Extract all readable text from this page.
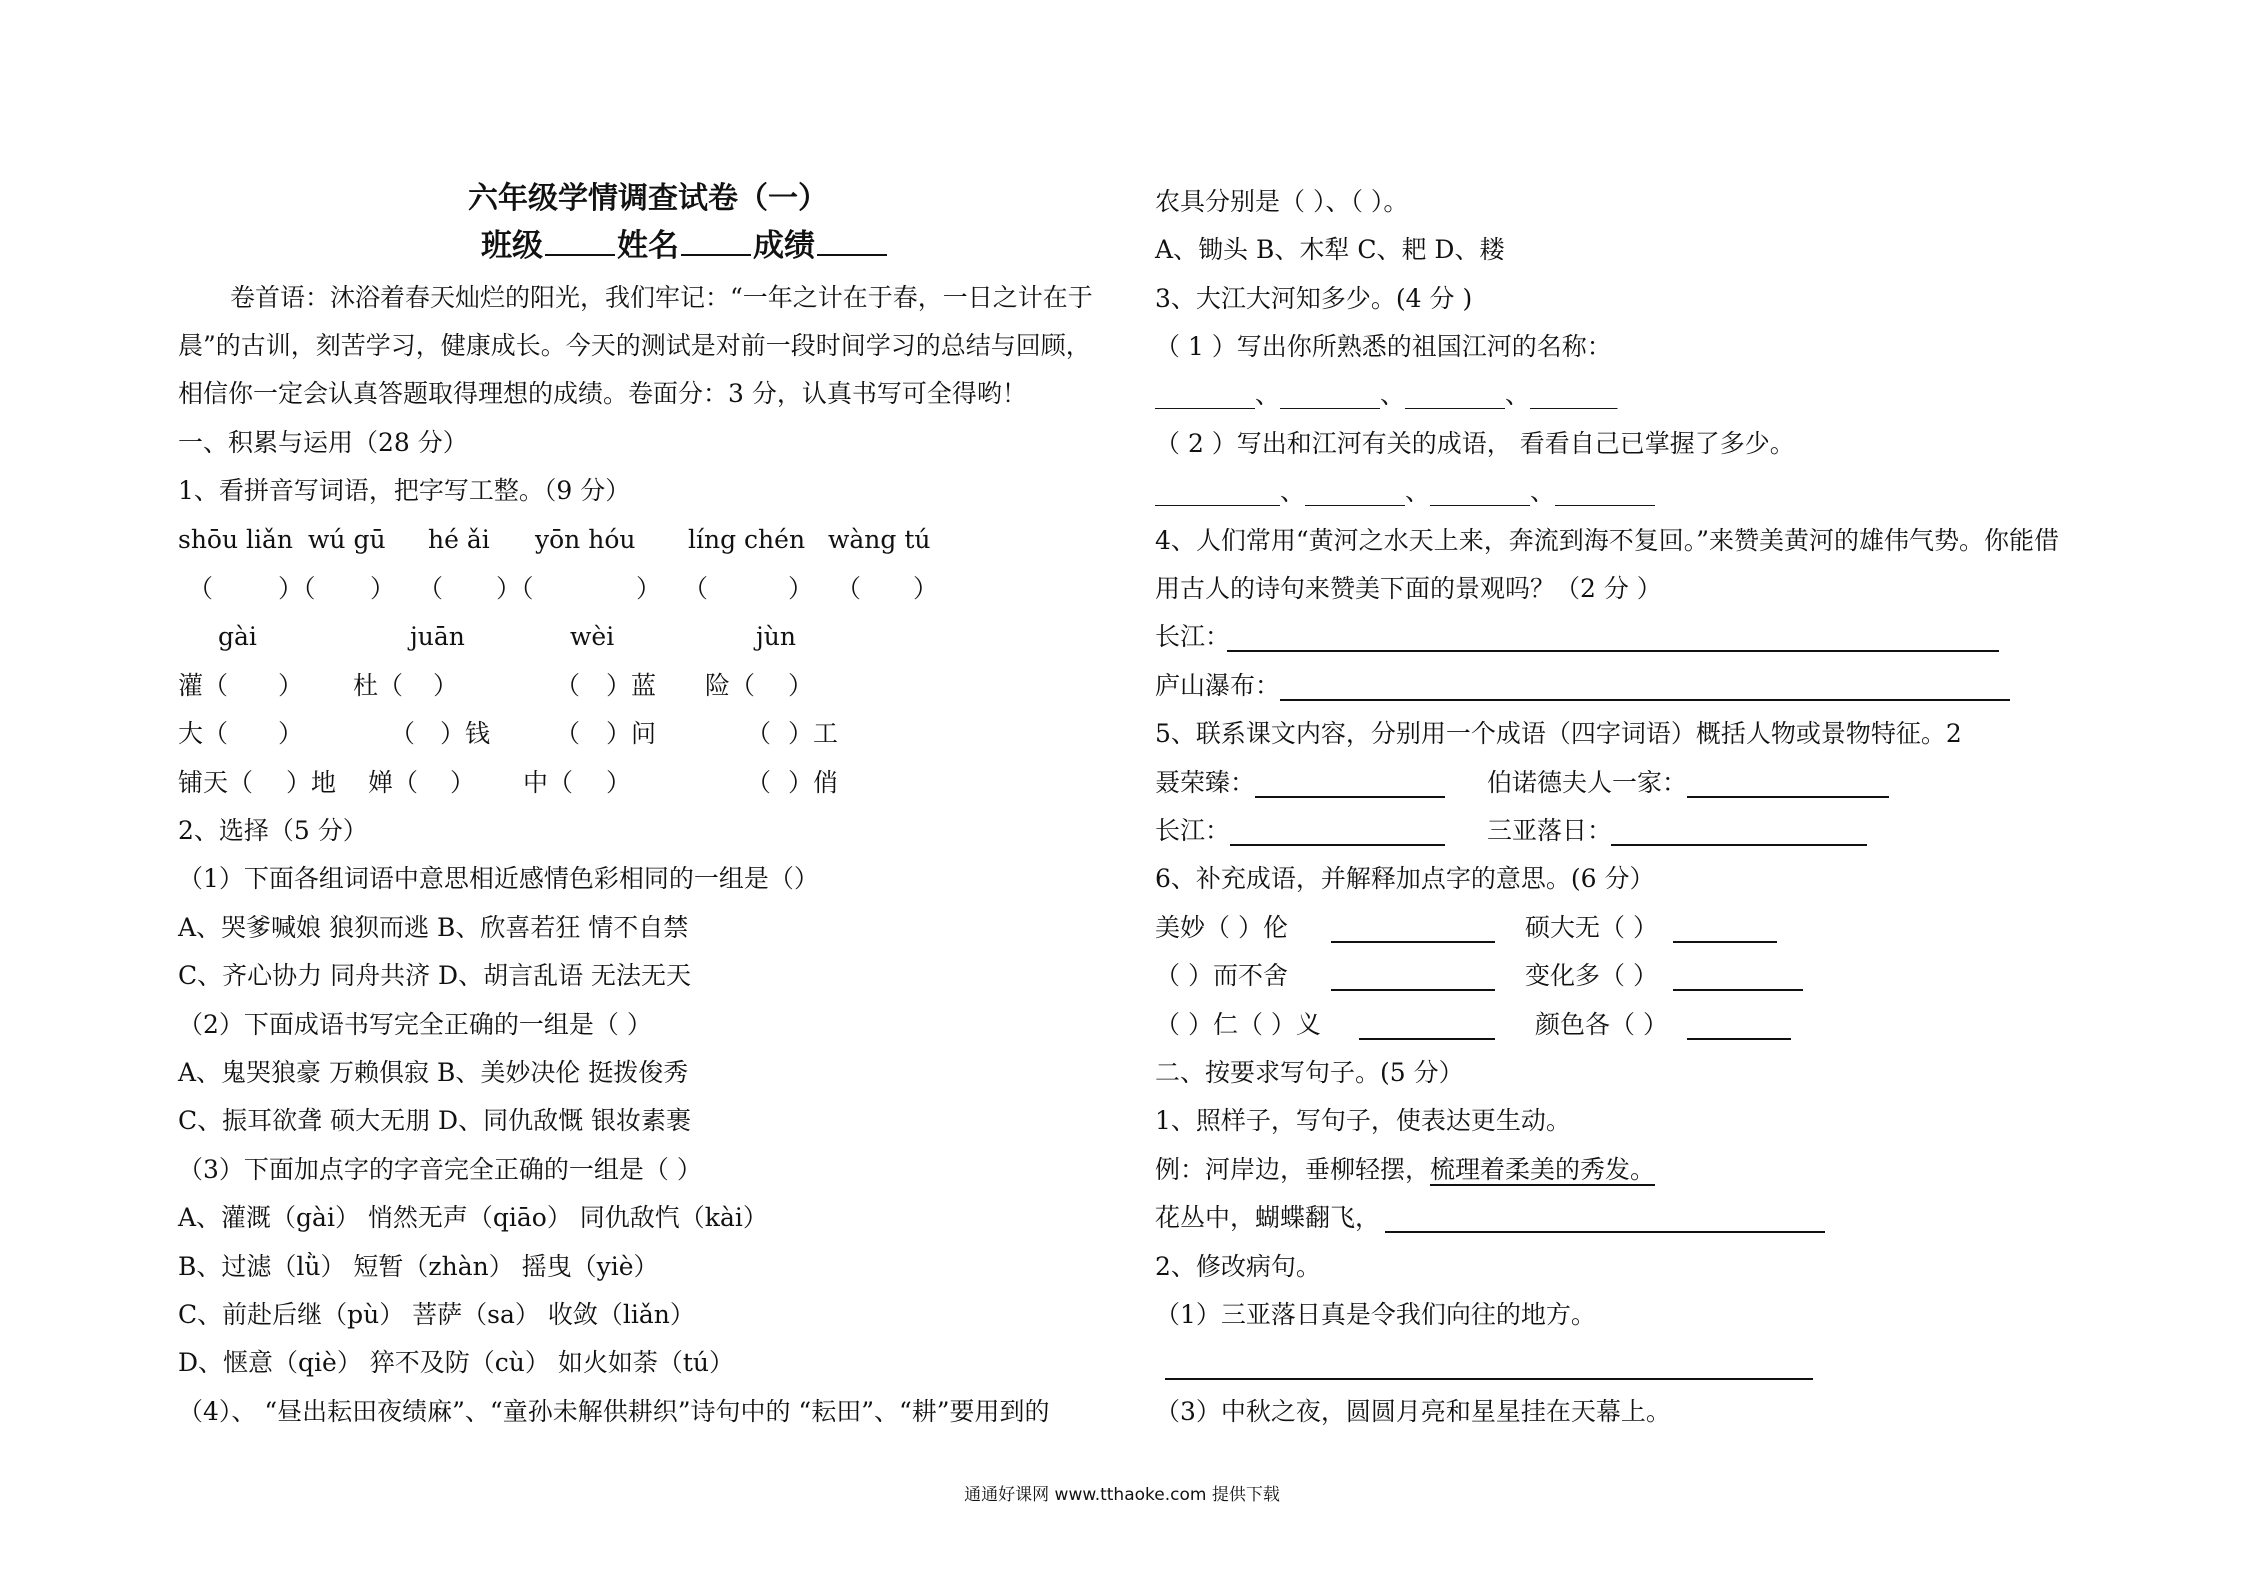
六年级学情调查试卷（一）
班级 姓名 成绩
卷首语：沐浴着春天灿烂的阳光，我们牢记：“一年之计在于春，一日之计在于
晨”的古训，刻苦学习，健康成长。今天的测试是对前一段时间学习的总结与回顾，
相信你一定会认真答题取得理想的成绩。卷面分：3 分，认真书写可全得哟！
一、积累与运用（28 分）
1、看拼音写词语，把字写工整。（9 分）
shōu liǎn wú gū hé ǎi yōn hóu líng chén wàng tú
（	）（ ） （ ）（	） （	） （ ）
gài	juān	wèi	jùn
灌（ ） 杜（ ）	（ ）蓝 险（ ）
大（ ）	（ ）钱	（ ）问	（ ）工
铺天（ ）地 婵（ ） 中（ ）	（ ）俏
2、选择（5 分）
（1）下面各组词语中意思相近感情色彩相同的一组是（）
A、哭爹喊娘 狼狈而逃 B、欣喜若狂 情不自禁
C、齐心协力 同舟共济 D、胡言乱语 无法无天
（2）下面成语书写完全正确的一组是（ ）
A、鬼哭狼豪 万赖俱寂 B、美妙决伦 挺拨俊秀
C、振耳欲聋 硕大无朋 D、同仇敌慨 银妆素裹
（3）下面加点字的字音完全正确的一组是（ ）
A、灌溉（gài） 悄然无声（qiāo） 同仇敌忾（kài）
B、过滤（lǜ） 短暂（zhàn） 摇曳（yiè）
C、前赴后继（pù） 菩萨（sa） 收敛（liǎn）
D、惬意（qiè） 猝不及防（cù） 如火如荼（tú）
（4）、 “昼出耘田夜绩麻”、“童孙未解供耕织”诗句中的 “耘田”、“耕”要用到的
农具分别是（ ）、（ ）。
A、锄头 B、木犁 C、耙 D、耧
3、大江大河知多少。(4 分 )
（ 1 ）写出你所熟悉的祖国江河的名称：
________、________、________、_______
（ 2 ）写出和江河有关的成语， 看看自己已掌握了多少。
__________、________、________、________
4、人们常用“黄河之水天上来，奔流到海不复回。”来赞美黄河的雄伟气势。你能借
用古人的诗句来赞美下面的景观吗？（2 分 ）
长江：
庐山瀑布：
5、联系课文内容，分别用一个成语（四字词语）概括人物或景物特征。2
聂荣臻：	伯诺德夫人一家：
长江：	三亚落日：
6、补充成语，并解释加点字的意思。(6 分）
美妙（ ）伦	硕大无（ ）
（ ）而不舍	变化多（ ）
（ ）仁（ ）义	颜色各（ ）
二、按要求写句子。(5 分）
1、照样子，写句子，使表达更生动。
例：河岸边，垂柳轻摆，梳理着柔美的秀发。
花丛中，蝴蝶翻飞，
2、修改病句。
（1）三亚落日真是令我们向往的地方。
（3）中秋之夜，圆圆月亮和星星挂在天幕上。
通通好课网 www.tthaoke.com 提供下载
